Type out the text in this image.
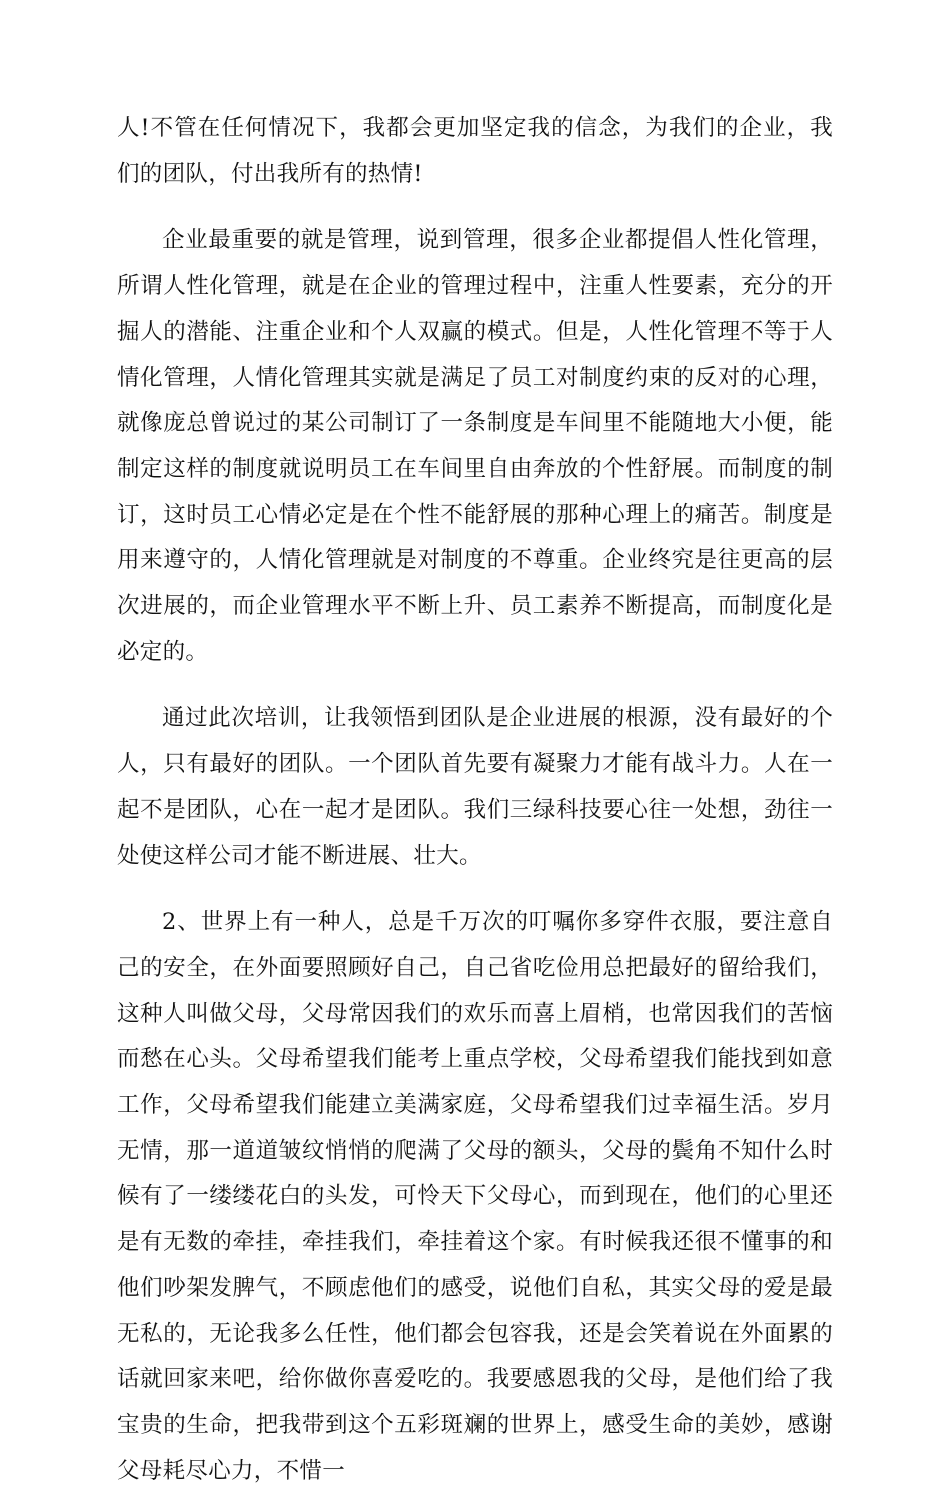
人!不管在任何情况下，我都会更加坚定我的信念，为我们的企业，我们的团队，付出我所有的热情!

企业最重要的就是管理，说到管理，很多企业都提倡人性化管理，所谓人性化管理，就是在企业的管理过程中，注重人性要素，充分的开掘人的潜能、注重企业和个人双赢的模式。但是，人性化管理不等于人情化管理，人情化管理其实就是满足了员工对制度约束的反对的心理，就像庞总曾说过的某公司制订了一条制度是车间里不能随地大小便，能制定这样的制度就说明员工在车间里自由奔放的个性舒展。而制度的制订，这时员工心情必定是在个性不能舒展的那种心理上的痛苦。制度是用来遵守的，人情化管理就是对制度的不尊重。企业终究是往更高的层次进展的，而企业管理水平不断上升、员工素养不断提高，而制度化是必定的。

通过此次培训，让我领悟到团队是企业进展的根源，没有最好的个人，只有最好的团队。一个团队首先要有凝聚力才能有战斗力。人在一起不是团队，心在一起才是团队。我们三绿科技要心往一处想，劲往一处使这样公司才能不断进展、壮大。

2、世界上有一种人，总是千万次的叮嘱你多穿件衣服，要注意自己的安全，在外面要照顾好自己，自己省吃俭用总把最好的留给我们，这种人叫做父母，父母常因我们的欢乐而喜上眉梢，也常因我们的苦恼而愁在心头。父母希望我们能考上重点学校，父母希望我们能找到如意工作，父母希望我们能建立美满家庭，父母希望我们过幸福生活。岁月无情，那一道道皱纹悄悄的爬满了父母的额头，父母的鬓角不知什么时候有了一缕缕花白的头发，可怜天下父母心，而到现在，他们的心里还是有无数的牵挂，牵挂我们，牵挂着这个家。有时候我还很不懂事的和他们吵架发脾气，不顾虑他们的感受，说他们自私，其实父母的爱是最无私的，无论我多么任性，他们都会包容我，还是会笑着说在外面累的话就回家来吧，给你做你喜爱吃的。我要感恩我的父母，是他们给了我宝贵的生命，把我带到这个五彩斑斓的世界上，感受生命的美妙，感谢父母耗尽心力，不惜一
